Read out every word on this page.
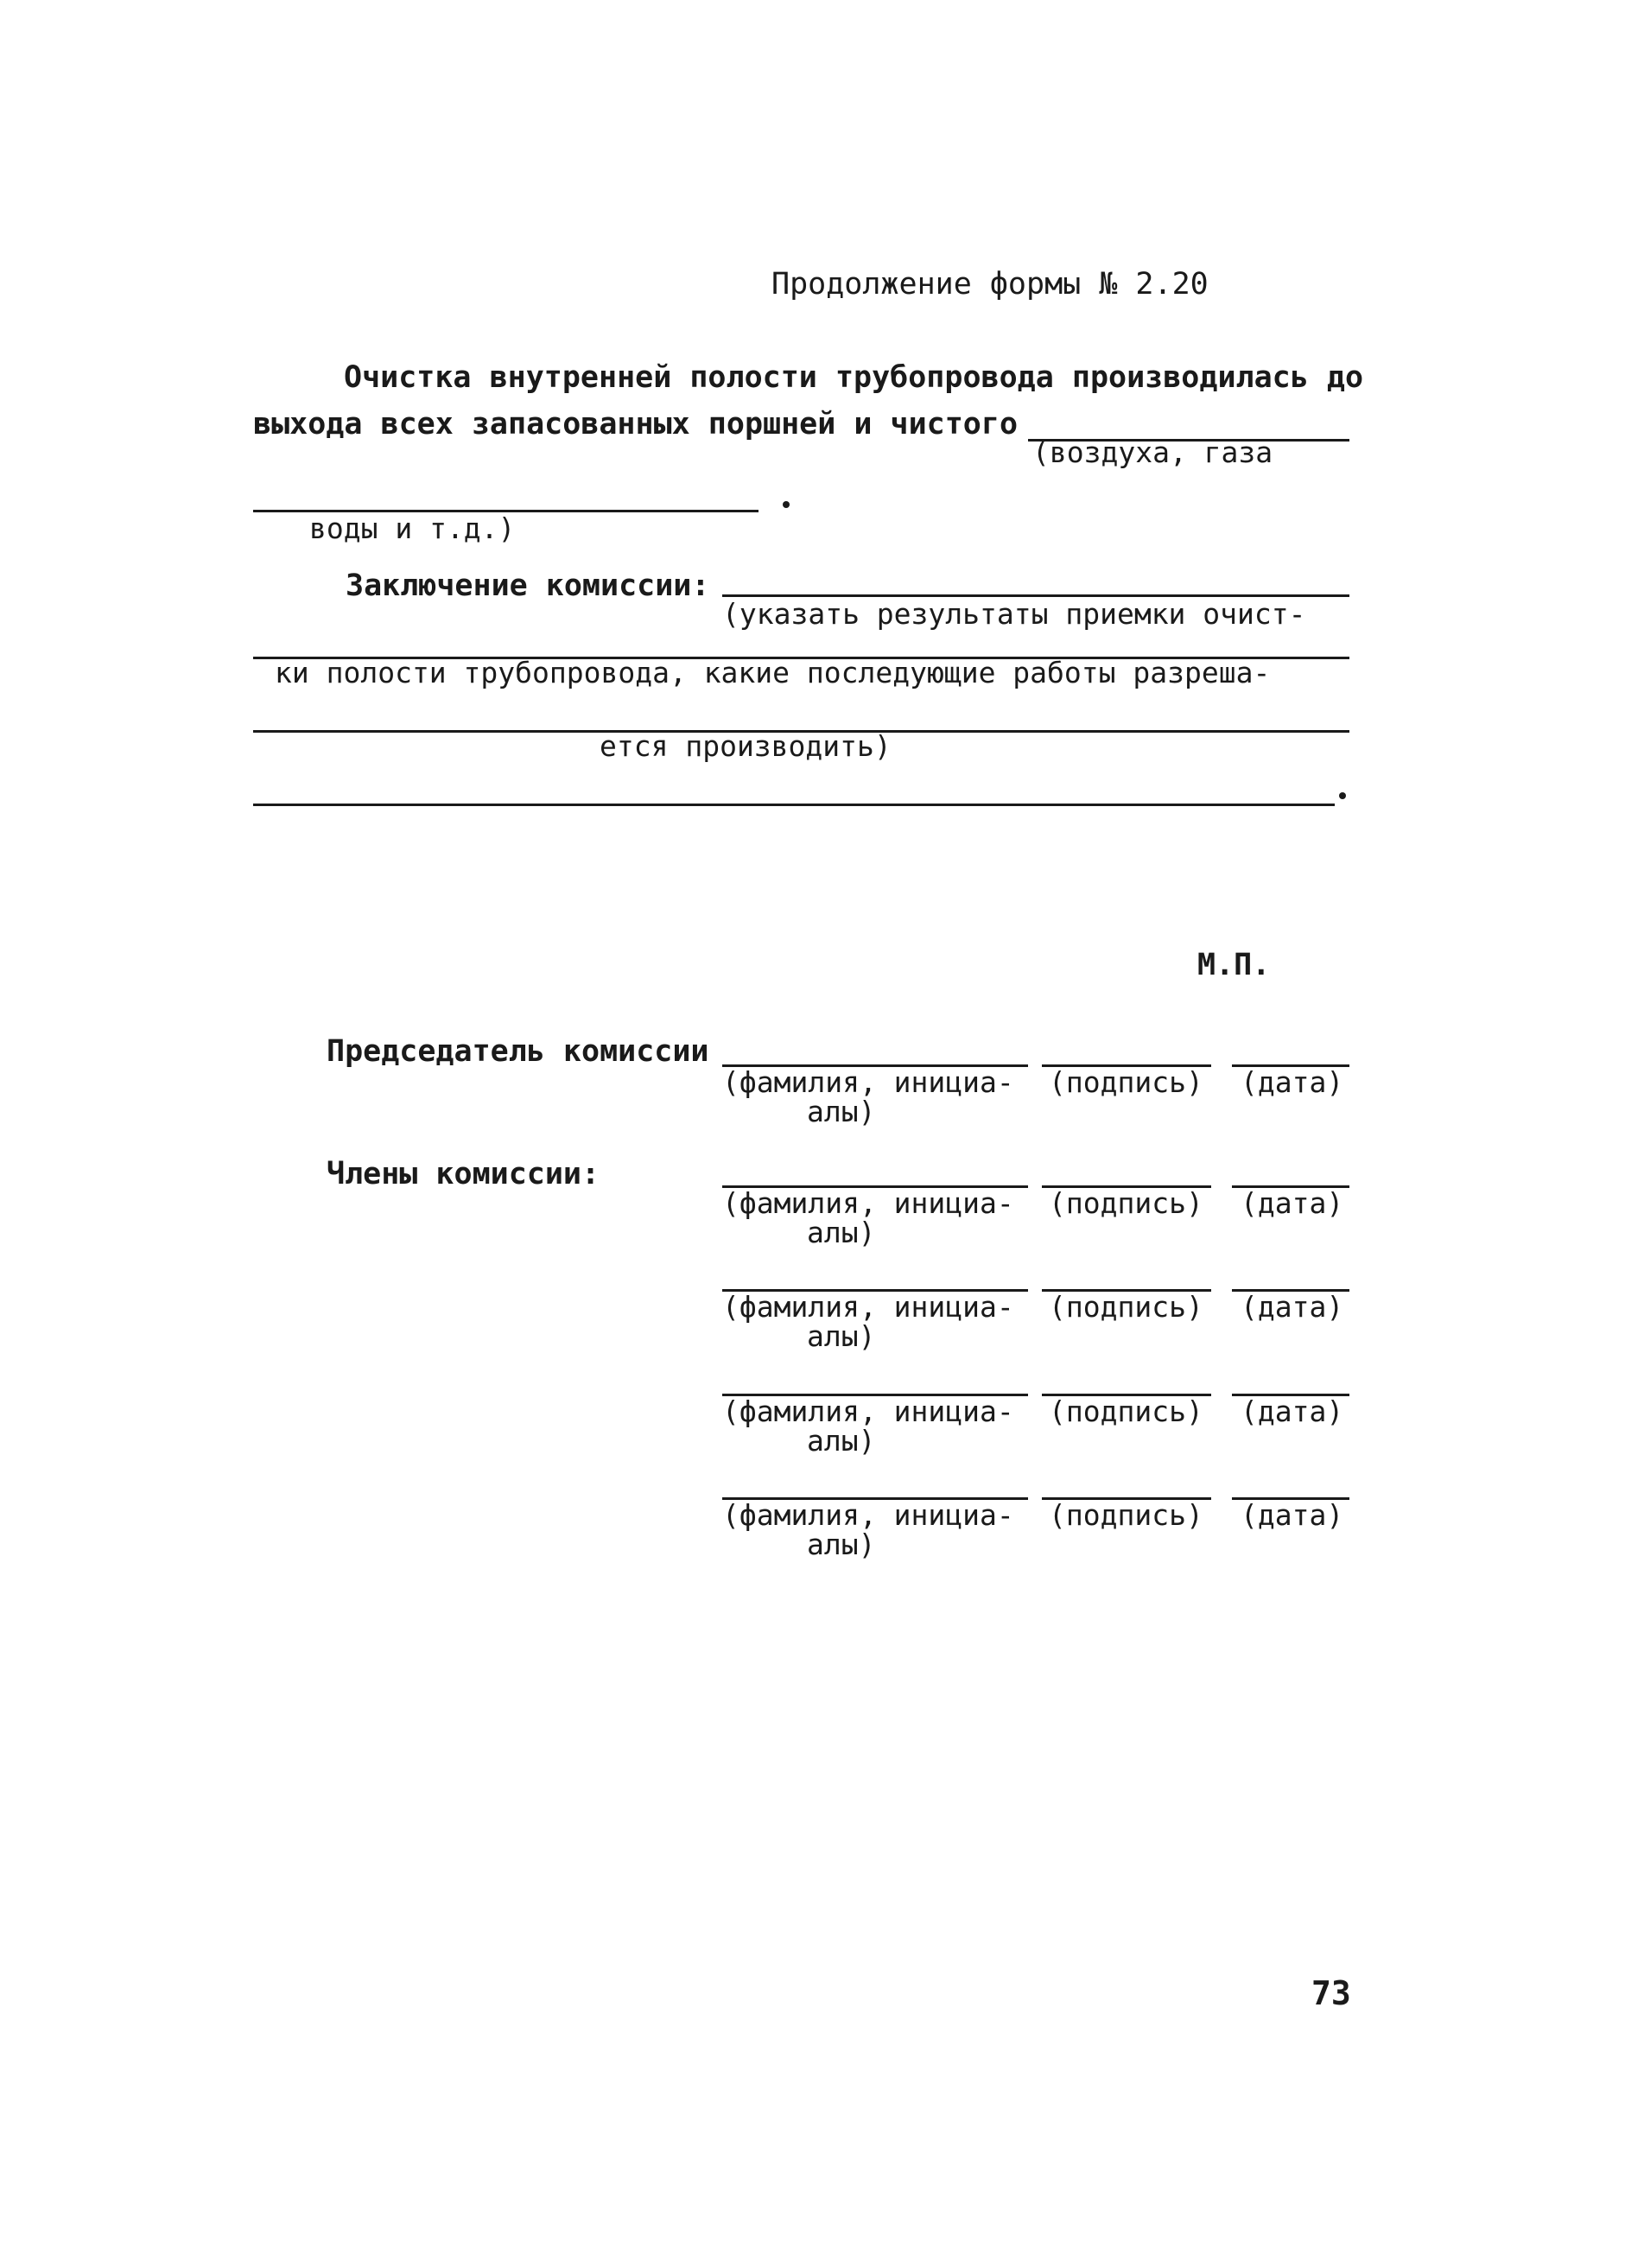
Продолжение формы № 2.20
Очистка внутренней полости трубопровода производилась до
выхода всех запасованных поршней и чистого
(воздуха, газа
воды и т.д.)
Заключение комиссии:
(указать результаты приемки очист-
ки полости трубопровода, какие последующие работы разреша-
ется производить)
М.П.
Председатель комиссии
Члены комиссии:
(фамилия, инициа-
алы)
(подпись) (дата)
(фамилия, инициа-
алы)
(подпись) (дата)
(фамилия, инициа-
алы)
(подпись) (дата)
(фамилия, инициа-
алы)
(подпись) (дата)
(фамилия, инициа-
алы)
(подпись) (дата)
73
